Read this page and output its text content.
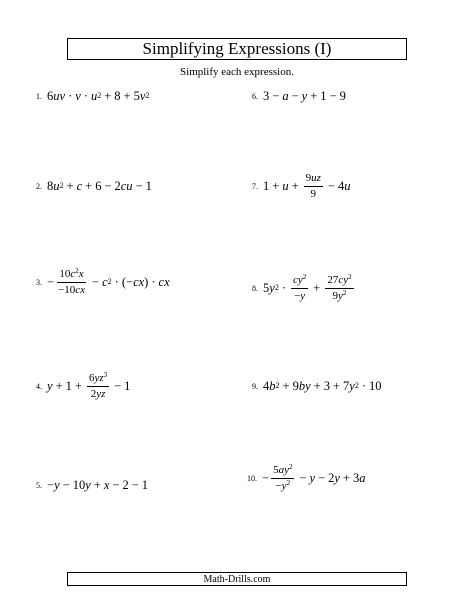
Simplifying Expressions (I)
Simplify each expression.
1. 6 uv · v · u 2 + 8 + 5 v 2
2. 8 u 2 + c + 6 − 2 cu − 1
3. − $\frac{10c^2x}{-10cx} - c$ 2 · (− cx ) · cx
4. $y + 1 + \frac{6yz^3}{2yz} - 1$
5. − y − 10 y + x − 2 − 1
6. 3 − a − y + 1 − 9
7. $1 + u + \frac{9uz}{9} - 4$ u
8. 5 y $2 \cdot \frac{cy^2}{-y} + \frac{27cy^2}{9y^2}$
9. 4 b 2 + 9 by + 3 + 7 y 2 · 10
10. − $\frac{5ay^2}{-y^2} - y - 2$ y + 3 a
Math-Drills.com
